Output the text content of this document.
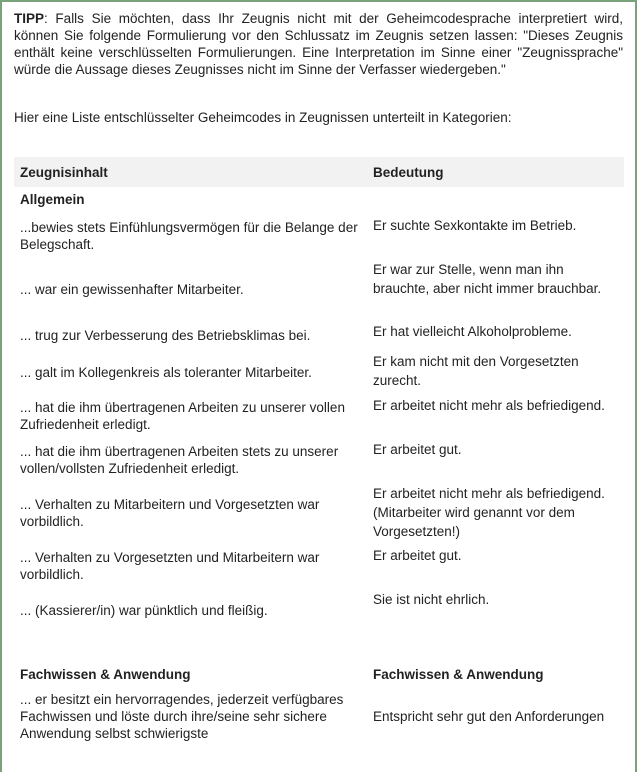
TIPP: Falls Sie möchten, dass Ihr Zeugnis nicht mit der Geheimcodesprache interpretiert wird, können Sie folgende Formulierung vor den Schlussatz im Zeugnis setzen lassen: "Dieses Zeugnis enthält keine verschlüsselten Formulierungen. Eine Interpretation im Sinne einer "Zeugnissprache" würde die Aussage dieses Zeugnisses nicht im Sinne der Verfasser wiedergeben."

Hier eine Liste entschlüsselter Geheimcodes in Zeugnissen unterteilt in Kategorien:
Zeugnisinhalt	Bedeutung
Allgemein	
...bewies stets Einfühlungsvermögen für die Belange der Belegschaft.	Er suchte Sexkontakte im Betrieb.
... war ein gewissenhafter Mitarbeiter.	Er war zur Stelle, wenn man ihn brauchte, aber nicht immer brauchbar.
... trug zur Verbesserung des Betriebsklimas bei.	Er hat vielleicht Alkoholprobleme.
... galt im Kollegenkreis als toleranter Mitarbeiter.	Er kam nicht mit den Vorgesetzten zurecht.
... hat die ihm übertragenen Arbeiten zu unserer vollen Zufriedenheit erledigt.	Er arbeitet nicht mehr als befriedigend.
... hat die ihm übertragenen Arbeiten stets zu unserer vollen/vollsten Zufriedenheit erledigt.	Er arbeitet gut.
... Verhalten zu Mitarbeitern und Vorgesetzten war vorbildlich.	Er arbeitet nicht mehr als befriedigend. (Mitarbeiter wird genannt vor dem Vorgesetzten!)
... Verhalten zu Vorgesetzten und Mitarbeitern war vorbildlich.	Er arbeitet gut.
... (Kassierer/in) war pünktlich und fleißig.	Sie ist nicht ehrlich.

Fachwissen & Anwendung	Fachwissen & Anwendung
... er besitzt ein hervorragendes, jederzeit verfügbares Fachwissen und löste durch ihre/seine sehr sichere Anwendung selbst schwierigste	Entspricht sehr gut den Anforderungen
